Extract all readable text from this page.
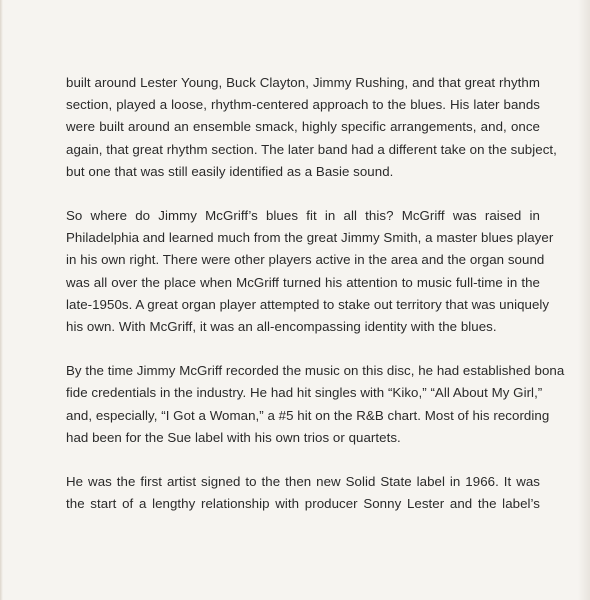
built around Lester Young, Buck Clayton, Jimmy Rushing, and that great rhythm
section, played a loose, rhythm-centered approach to the blues. His later bands
were built around an ensemble smack, highly specific arrangements, and, once
again, that great rhythm section. The later band had a different take on the subject,
but one that was still easily identified as a Basie sound.

So where do Jimmy McGriff’s blues fit in all this? McGriff was raised in
Philadelphia and learned much from the great Jimmy Smith, a master blues player
in his own right. There were other players active in the area and the organ sound
was all over the place when McGriff turned his attention to music full-time in the
late-1950s. A great organ player attempted to stake out territory that was uniquely
his own. With McGriff, it was an all-encompassing identity with the blues.

By the time Jimmy McGriff recorded the music on this disc, he had established bona
fide credentials in the industry. He had hit singles with “Kiko,” “All About My Girl,”
and, especially, “I Got a Woman,” a #5 hit on the R&B chart. Most of his recording
had been for the Sue label with his own trios or quartets.

He was the first artist signed to the then new Solid State label in 1966. It was
the start of a lengthy relationship with producer Sonny Lester and the label’s
